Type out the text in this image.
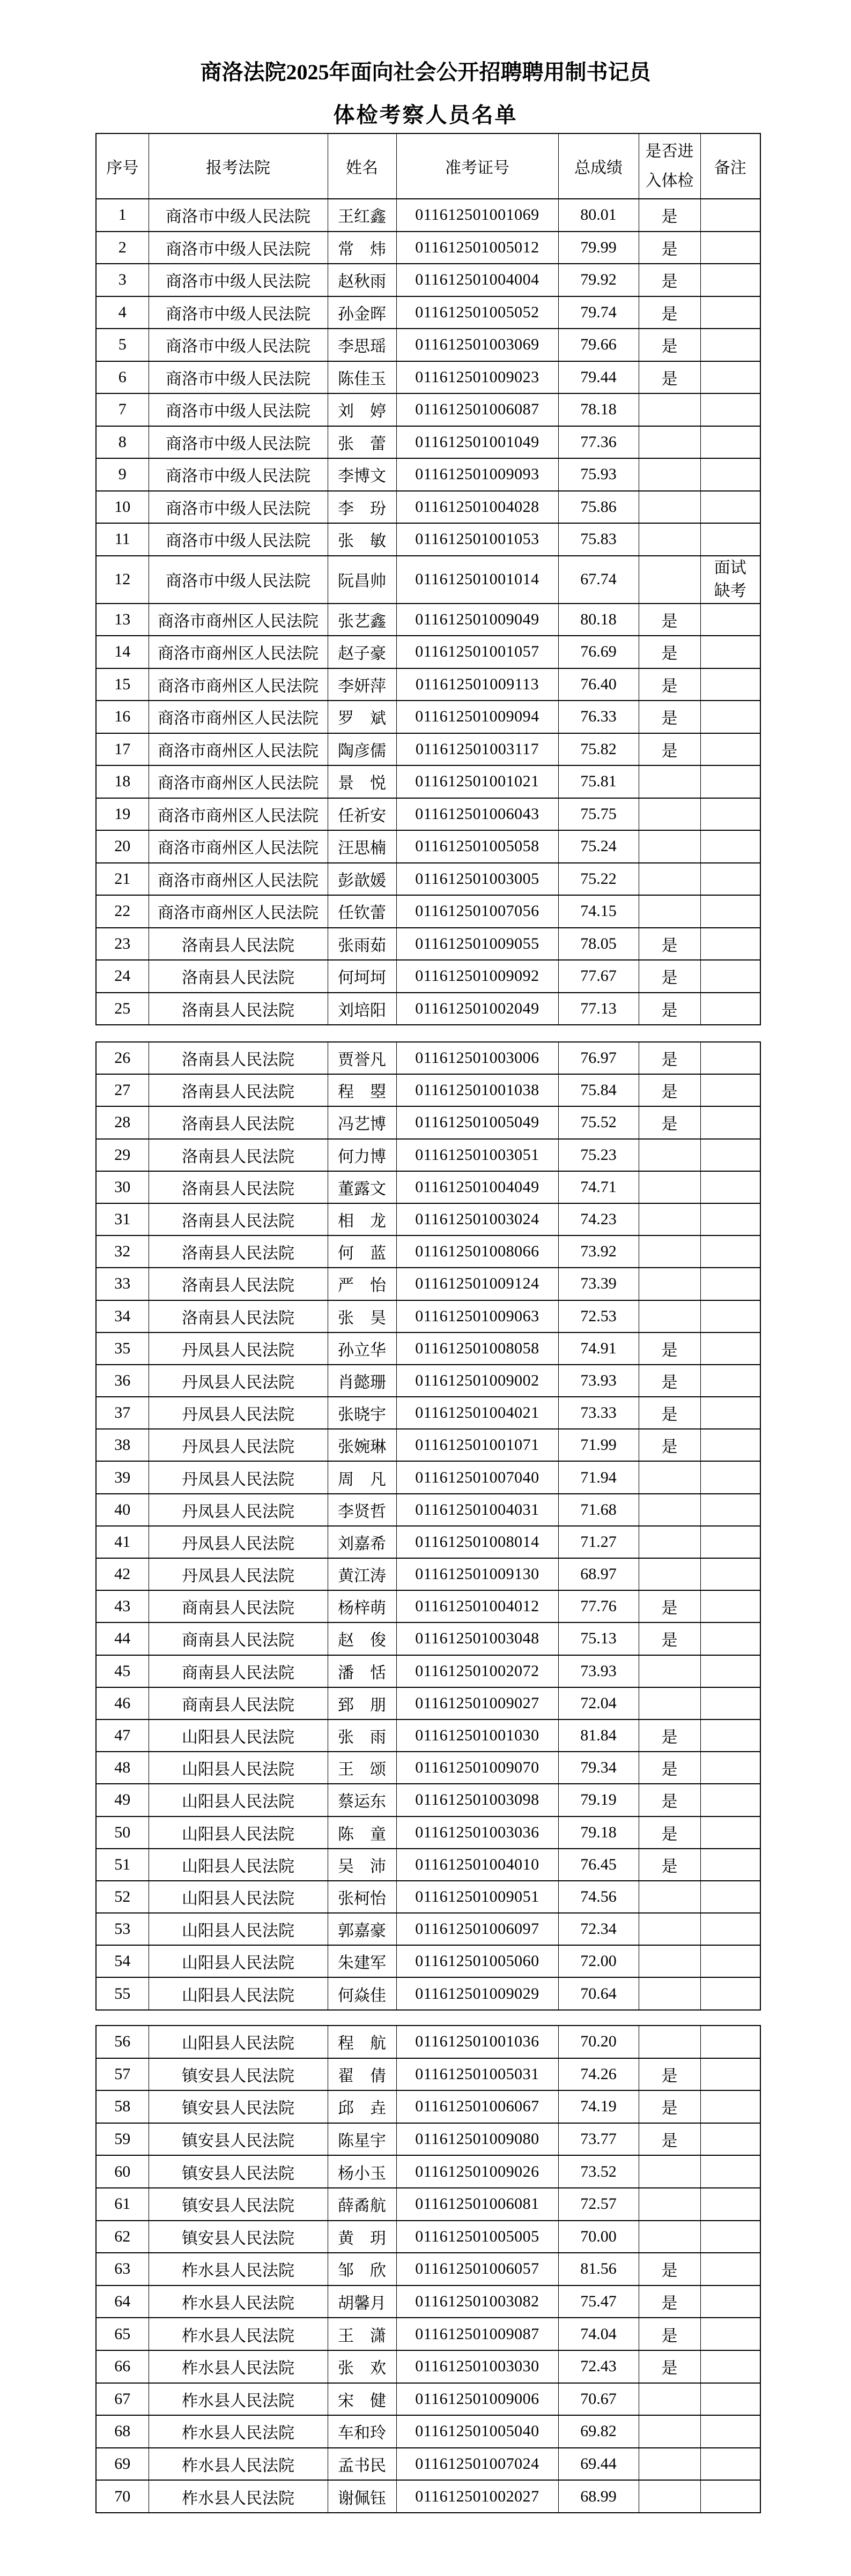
商洛法院2025年面向社会公开招聘聘用制书记员
体检考察人员名单
序号	报考法院	姓名	准考证号	总成绩	是否进入体检	备注
1	商洛市中级人民法院	王红鑫	011612501001069	80.01	是	
2	商洛市中级人民法院	常　炜	011612501005012	79.99	是	
3	商洛市中级人民法院	赵秋雨	011612501004004	79.92	是	
4	商洛市中级人民法院	孙金晖	011612501005052	79.74	是	
5	商洛市中级人民法院	李思瑶	011612501003069	79.66	是	
6	商洛市中级人民法院	陈佳玉	011612501009023	79.44	是	
7	商洛市中级人民法院	刘　婷	011612501006087	78.18		
8	商洛市中级人民法院	张　蕾	011612501001049	77.36		
9	商洛市中级人民法院	李博文	011612501009093	75.93		
10	商洛市中级人民法院	李　玢	011612501004028	75.86		
11	商洛市中级人民法院	张　敏	011612501001053	75.83		
12	商洛市中级人民法院	阮昌帅	011612501001014	67.74		面试缺考
13	商洛市商州区人民法院	张艺鑫	011612501009049	80.18	是	
14	商洛市商州区人民法院	赵子豪	011612501001057	76.69	是	
15	商洛市商州区人民法院	李妍萍	011612501009113	76.40	是	
16	商洛市商州区人民法院	罗　斌	011612501009094	76.33	是	
17	商洛市商州区人民法院	陶彦儒	011612501003117	75.82	是	
18	商洛市商州区人民法院	景　悦	011612501001021	75.81		
19	商洛市商州区人民法院	任祈安	011612501006043	75.75		
20	商洛市商州区人民法院	汪思楠	011612501005058	75.24		
21	商洛市商州区人民法院	彭歆媛	011612501003005	75.22		
22	商洛市商州区人民法院	任钦蕾	011612501007056	74.15		
23	洛南县人民法院	张雨茹	011612501009055	78.05	是	
24	洛南县人民法院	何坷坷	011612501009092	77.67	是	
25	洛南县人民法院	刘培阳	011612501002049	77.13	是	
26	洛南县人民法院	贾誉凡	011612501003006	76.97	是	
27	洛南县人民法院	程　曌	011612501001038	75.84	是	
28	洛南县人民法院	冯艺博	011612501005049	75.52	是	
29	洛南县人民法院	何力博	011612501003051	75.23		
30	洛南县人民法院	董露文	011612501004049	74.71		
31	洛南县人民法院	相　龙	011612501003024	74.23		
32	洛南县人民法院	何　蓝	011612501008066	73.92		
33	洛南县人民法院	严　怡	011612501009124	73.39		
34	洛南县人民法院	张　昊	011612501009063	72.53		
35	丹凤县人民法院	孙立华	011612501008058	74.91	是	
36	丹凤县人民法院	肖懿珊	011612501009002	73.93	是	
37	丹凤县人民法院	张晓宇	011612501004021	73.33	是	
38	丹凤县人民法院	张婉琳	011612501001071	71.99	是	
39	丹凤县人民法院	周　凡	011612501007040	71.94		
40	丹凤县人民法院	李贤哲	011612501004031	71.68		
41	丹凤县人民法院	刘嘉希	011612501008014	71.27		
42	丹凤县人民法院	黄江涛	011612501009130	68.97		
43	商南县人民法院	杨梓萌	011612501004012	77.76	是	
44	商南县人民法院	赵　俊	011612501003048	75.13	是	
45	商南县人民法院	潘　恬	011612501002072	73.93		
46	商南县人民法院	郅　朋	011612501009027	72.04		
47	山阳县人民法院	张　雨	011612501001030	81.84	是	
48	山阳县人民法院	王　颂	011612501009070	79.34	是	
49	山阳县人民法院	蔡运东	011612501003098	79.19	是	
50	山阳县人民法院	陈　童	011612501003036	79.18	是	
51	山阳县人民法院	吴　沛	011612501004010	76.45	是	
52	山阳县人民法院	张柯怡	011612501009051	74.56		
53	山阳县人民法院	郭嘉豪	011612501006097	72.34		
54	山阳县人民法院	朱建军	011612501005060	72.00		
55	山阳县人民法院	何焱佳	011612501009029	70.64		
56	山阳县人民法院	程　航	011612501001036	70.20		
57	镇安县人民法院	翟　倩	011612501005031	74.26	是	
58	镇安县人民法院	邱　垚	011612501006067	74.19	是	
59	镇安县人民法院	陈星宇	011612501009080	73.77	是	
60	镇安县人民法院	杨小玉	011612501009026	73.52		
61	镇安县人民法院	薛矞航	011612501006081	72.57		
62	镇安县人民法院	黄　玥	011612501005005	70.00		
63	柞水县人民法院	邹　欣	011612501006057	81.56	是	
64	柞水县人民法院	胡馨月	011612501003082	75.47	是	
65	柞水县人民法院	王　潇	011612501009087	74.04	是	
66	柞水县人民法院	张　欢	011612501003030	72.43	是	
67	柞水县人民法院	宋　健	011612501009006	70.67		
68	柞水县人民法院	车和玲	011612501005040	69.82		
69	柞水县人民法院	孟书民	011612501007024	69.44		
70	柞水县人民法院	谢佩钰	011612501002027	68.99		
